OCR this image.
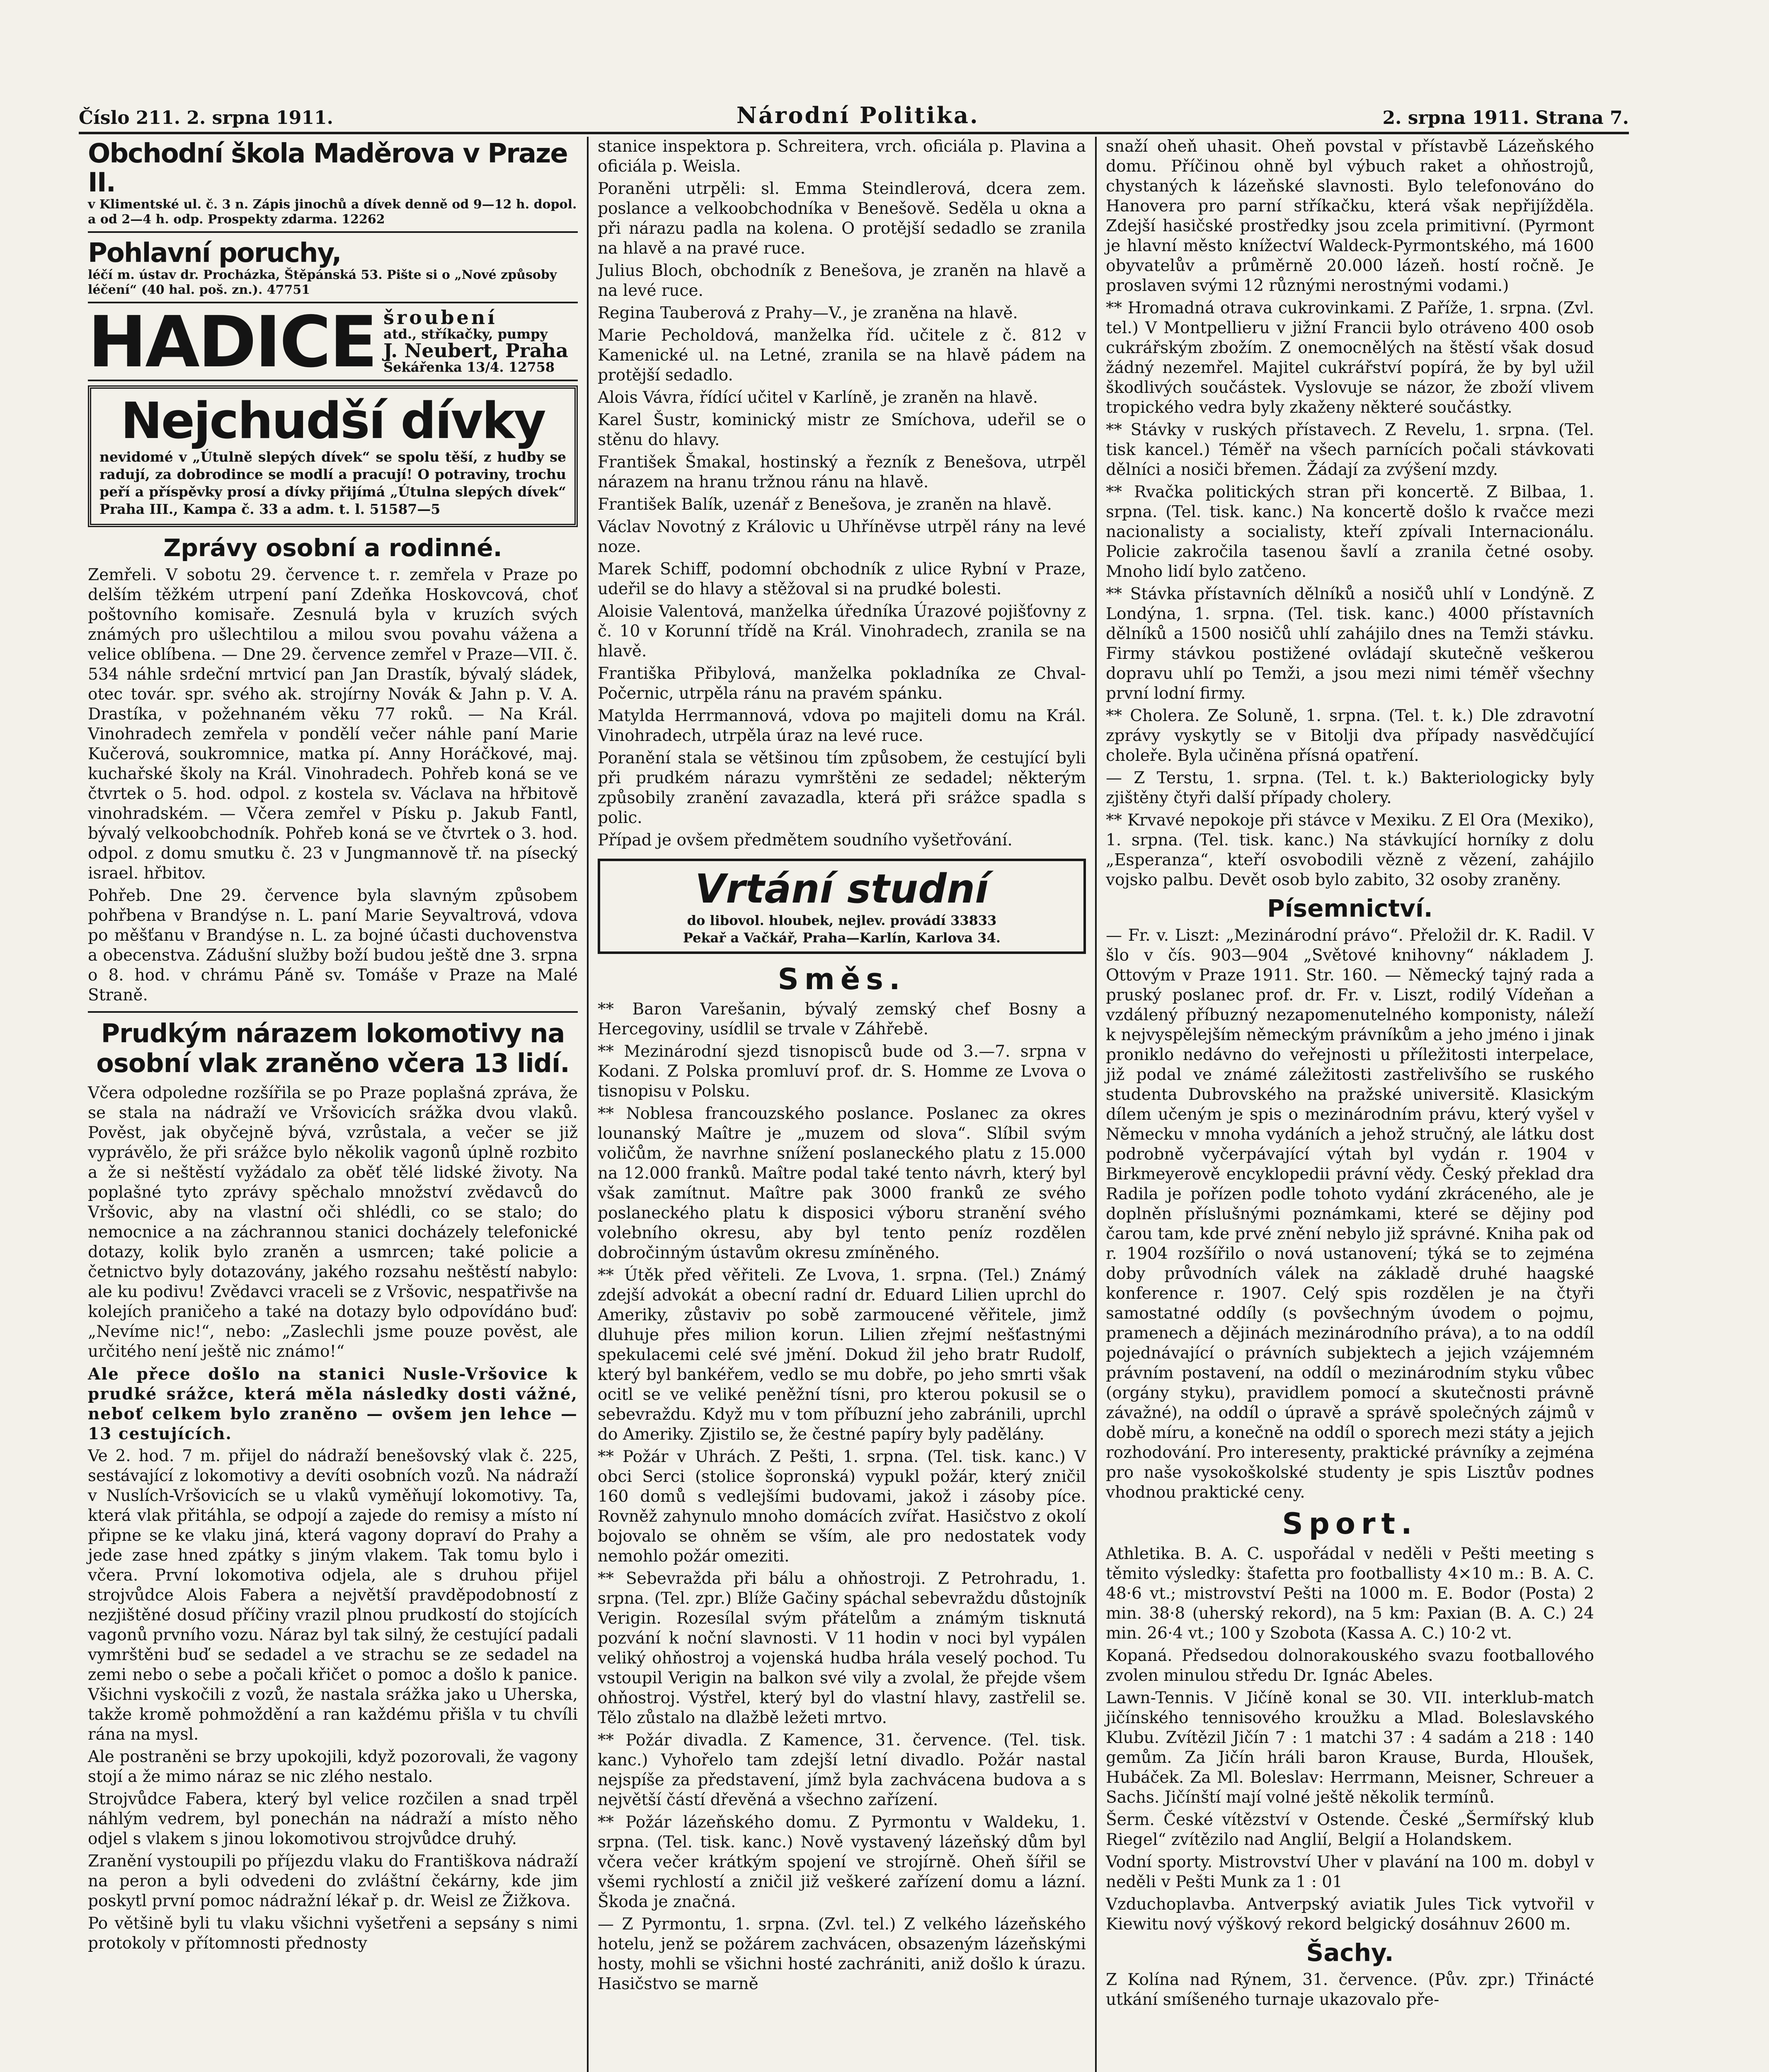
Číslo 211. 2. srpna 1911.	Národní Politika.	2. srpna 1911. Strana 7.
Obchodní škola Maděrova v Praze II.
v Klimentské ul. č. 3 n. Zápis jinochů a dívek denně od 9—12 h. dopol. a od 2—4 h. odp. Prospekty zdarma. 12262
Pohlavní poruchy,
léčí m. ústav dr. Procházka, Štěpánská 53. Pište si o „Nové způsoby léčení“ (40 hal. poš. zn.). 47751
HADICE šroubení
atd., stříkačky, pumpy
J. Neubert, Praha
Šekářenka 13/4. 12758
Nejchudší dívky
nevidomé v „Útulně slepých dívek“ se spolu těší, z hudby se radují, za dobrodince se modlí a pracují! O potraviny, trochu peří a příspěvky prosí a dívky přijímá „Útulna slepých dívek“ Praha III., Kampa č. 33 a adm. t. l. 51587—5
Zprávy osobní a rodinné.

Zemřeli. V sobotu 29. července t. r. zemřela v Praze po delším těžkém utrpení paní Zdeňka Hoskovcová, choť poštovního komisaře. Zesnulá byla v kruzích svých známých pro ušlechtilou a milou svou povahu vážena a velice oblíbena. — Dne 29. července zemřel v Praze—VII. č. 534 náhle srdeční mrtvicí pan Jan Drastík, bývalý sládek, otec továr. spr. svého ak. strojírny Novák & Jahn p. V. A. Drastíka, v požehnaném věku 77 roků. — Na Král. Vinohradech zemřela v pondělí večer náhle paní Marie Kučerová, soukromnice, matka pí. Anny Horáčkové, maj. kuchařské školy na Král. Vinohradech. Pohřeb koná se ve čtvrtek o 5. hod. odpol. z kostela sv. Václava na hřbitově vinohradském. — Včera zemřel v Písku p. Jakub Fantl, bývalý velkoobchodník. Pohřeb koná se ve čtvrtek o 3. hod. odpol. z domu smutku č. 23 v Jungmannově tř. na písecký israel. hřbitov.

Pohřeb. Dne 29. července byla slavným způsobem pohřbena v Brandýse n. L. paní Marie Seyvaltrová, vdova po měšťanu v Brandýse n. L. za bojné účasti duchovenstva a obecenstva. Zádušní služby boží budou ještě dne 3. srpna o 8. hod. v chrámu Páně sv. Tomáše v Praze na Malé Straně.

Prudkým nárazem lokomotivy na osobní vlak zraněno včera 13 lidí.

Včera odpoledne rozšířila se po Praze poplašná zpráva, že se stala na nádraží ve Vršovicích srážka dvou vlaků. Pověst, jak obyčejně bývá, vzrůstala, a večer se již vyprávělo, že při srážce bylo několik vagonů úplně rozbito a že si neštěstí vyžádalo za oběť tělé lidské životy. Na poplašné tyto zprávy spěchalo množství zvědavců do Vršovic, aby na vlastní oči shlédli, co se stalo; do nemocnice a na záchrannou stanici docházely telefonické dotazy, kolik bylo zraněn a usmrcen; také policie a četnictvo byly dotazovány, jakého rozsahu neštěstí nabylo: ale ku podivu! Zvědavci vraceli se z Vršovic, nespatřivše na kolejích praničeho a také na dotazy bylo odpovídáno buď: „Nevíme nic!“, nebo: „Zaslechli jsme pouze pověst, ale určitého není ještě nic známo!“

Ale přece došlo na stanici Nusle-Vršovice k prudké srážce, která měla následky dosti vážné, neboť celkem bylo zraněno — ovšem jen lehce — 13 cestujících.

Ve 2. hod. 7 m. přijel do nádraží benešovský vlak č. 225, sestávající z lokomotivy a devíti osobních vozů. Na nádraží v Nuslích-Vršovicích se u vlaků vyměňují lokomotivy. Ta, která vlak přitáhla, se odpojí a zajede do remisy a místo ní připne se ke vlaku jiná, která vagony dopraví do Prahy a jede zase hned zpátky s jiným vlakem. Tak tomu bylo i včera. První lokomotiva odjela, ale s druhou přijel strojvůdce Alois Fabera a největší pravděpodobností z nezjištěné dosud příčiny vrazil plnou prudkostí do stojících vagonů prvního vozu. Náraz byl tak silný, že cestující padali vymrštěni buď se sedadel a ve strachu se ze sedadel na zemi nebo o sebe a počali křičet o pomoc a došlo k panice. Všichni vyskočili z vozů, že nastala srážka jako u Uherska, takže kromě pohmoždění a ran každému přišla v tu chvíli rána na mysl.

Ale postraněni se brzy upokojili, když pozorovali, že vagony stojí a že mimo náraz se nic zlého nestalo.

Strojvůdce Fabera, který byl velice rozčilen a snad trpěl náhlým vedrem, byl ponechán na nádraží a místo něho odjel s vlakem s jinou lokomotivou strojvůdce druhý.

Zranění vystoupili po příjezdu vlaku do Františkova nádraží na peron a byli odvedeni do zvláštní čekárny, kde jim poskytl první pomoc nádražní lékař p. dr. Weisl ze Žižkova.

Po většině byli tu vlaku všichni vyšetřeni a sepsány s nimi protokoly v přítomnosti přednosty

stanice inspektora p. Schreitera, vrch. oficiála p. Plavina a oficiála p. Weisla.

Poraněni utrpěli: sl. Emma Steindlerová, dcera zem. poslance a velkoobchodníka v Benešově. Seděla u okna a při nárazu padla na kolena. O protější sedadlo se zranila na hlavě a na pravé ruce.

Julius Bloch, obchodník z Benešova, je zraněn na hlavě a na levé ruce.

Regina Tauberová z Prahy—V., je zraněna na hlavě.

Marie Pecholdová, manželka říd. učitele z č. 812 v Kamenické ul. na Letné, zranila se na hlavě pádem na protější sedadlo.

Alois Vávra, řídící učitel v Karlíně, je zraněn na hlavě.

Karel Šustr, kominický mistr ze Smíchova, udeřil se o stěnu do hlavy.

František Šmakal, hostinský a řezník z Benešova, utrpěl nárazem na hranu tržnou ránu na hlavě.

František Balík, uzenář z Benešova, je zraněn na hlavě.

Václav Novotný z Královic u Uhříněvse utrpěl rány na levé noze.

Marek Schiff, podomní obchodník z ulice Rybní v Praze, udeřil se do hlavy a stěžoval si na prudké bolesti.

Aloisie Valentová, manželka úředníka Úrazové pojišťovny z č. 10 v Korunní třídě na Král. Vinohradech, zranila se na hlavě.

Františka Přibylová, manželka pokladníka ze Chval-Počernic, utrpěla ránu na pravém spánku.

Matylda Herrmannová, vdova po majiteli domu na Král. Vinohradech, utrpěla úraz na levé ruce.

Poranění stala se většinou tím způsobem, že cestující byli při prudkém nárazu vymrštěni ze sedadel; některým způsobily zranění zavazadla, která při srážce spadla s polic.

Případ je ovšem předmětem soudního vyšetřování.

Vrtání studní
do libovol. hloubek, nejlev. provádí 33833
Pekař a Vačkář, Praha—Karlín, Karlova 34.
Směs.

** Baron Varešanin, bývalý zemský chef Bosny a Hercegoviny, usídlil se trvale v Záhřebě.

** Mezinárodní sjezd tisnopisců bude od 3.—7. srpna v Kodani. Z Polska promluví prof. dr. S. Homme ze Lvova o tisnopisu v Polsku.

** Noblesa francouzského poslance. Poslanec za okres lounanský Maître je „muzem od slova“. Slíbil svým voličům, že navrhne snížení poslaneckého platu z 15.000 na 12.000 franků. Maître podal také tento návrh, který byl však zamítnut. Maître pak 3000 franků ze svého poslaneckého platu k disposici výboru stranění svého volebního okresu, aby byl tento peníz rozdělen dobročinným ústavům okresu zmíněného.

** Útěk před věřiteli. Ze Lvova, 1. srpna. (Tel.) Známý zdejší advokát a obecní radní dr. Eduard Lilien uprchl do Ameriky, zůstaviv po sobě zarmoucené věřitele, jimž dluhuje přes milion korun. Lilien zřejmí nešťastnými spekulacemi celé své jmění. Dokud žil jeho bratr Rudolf, který byl bankéřem, vedlo se mu dobře, po jeho smrti však ocitl se ve veliké peněžní tísni, pro kterou pokusil se o sebevraždu. Když mu v tom příbuzní jeho zabránili, uprchl do Ameriky. Zjistilo se, že čestné papíry byly padělány.

** Požár v Uhrách. Z Pešti, 1. srpna. (Tel. tisk. kanc.) V obci Serci (stolice šopronská) vypukl požár, který zničil 160 domů s vedlejšími budovami, jakož i zásoby píce. Rovněž zahynulo mnoho domácích zvířat. Hasičstvo z okolí bojovalo se ohněm se vším, ale pro nedostatek vody nemohlo požár omeziti.

** Sebevražda při bálu a ohňostroji. Z Petrohradu, 1. srpna. (Tel. zpr.) Blíže Gačiny spáchal sebevraždu důstojník Verigin. Rozesílal svým přátelům a známým tisknutá pozvání k noční slavnosti. V 11 hodin v noci byl vypálen veliký ohňostroj a vojenská hudba hrála veselý pochod. Tu vstoupil Verigin na balkon své vily a zvolal, že přejde všem ohňostroj. Výstřel, který byl do vlastní hlavy, zastřelil se. Tělo zůstalo na dlažbě ležeti mrtvo.

** Požár divadla. Z Kamence, 31. července. (Tel. tisk. kanc.) Vyhořelo tam zdejší letní divadlo. Požár nastal nejspíše za představení, jímž byla zachvácena budova a s největší částí dřevěná a všechno zařízení.

** Požár lázeňského domu. Z Pyrmontu v Waldeku, 1. srpna. (Tel. tisk. kanc.) Nově vystavený lázeňský dům byl včera večer krátkým spojení ve strojírně. Oheň šířil se všemi rychlostí a zničil již veškeré zařízení domu a lázní. Škoda je značná.

— Z Pyrmontu, 1. srpna. (Zvl. tel.) Z velkého lázeňského hotelu, jenž se požárem zachvácen, obsazeným lázeňskými hosty, mohli se všichni hosté zachrániti, aniž došlo k úrazu. Hasičstvo se marně

snaží oheň uhasit. Oheň povstal v přístavbě Lázeňského domu. Příčinou ohně byl výbuch raket a ohňostrojů, chystaných k lázeňské slavnosti. Bylo telefonováno do Hanovera pro parní stříkačku, která však nepřijížděla. Zdejší hasičské prostředky jsou zcela primitivní. (Pyrmont je hlavní město knížectví Waldeck-Pyrmontského, má 1600 obyvatelův a průměrně 20.000 lázeň. hostí ročně. Je proslaven svými 12 různými nerostnými vodami.)

** Hromadná otrava cukrovinkami. Z Paříže, 1. srpna. (Zvl. tel.) V Montpellieru v jižní Francii bylo otráveno 400 osob cukrářským zbožím. Z onemocnělých na štěstí však dosud žádný nezemřel. Majitel cukrářství popírá, že by byl užil škodlivých součástek. Vyslovuje se názor, že zboží vlivem tropického vedra byly zkaženy některé součástky.

** Stávky v ruských přístavech. Z Revelu, 1. srpna. (Tel. tisk kancel.) Téměř na všech parnících počali stávkovati dělníci a nosiči břemen. Žádají za zvýšení mzdy.

** Rvačka politických stran při koncertě. Z Bilbaa, 1. srpna. (Tel. tisk. kanc.) Na koncertě došlo k rvačce mezi nacionalisty a socialisty, kteří zpívali Internacionálu. Policie zakročila tasenou šavlí a zranila četné osoby. Mnoho lidí bylo zatčeno.

** Stávka přístavních dělníků a nosičů uhlí v Londýně. Z Londýna, 1. srpna. (Tel. tisk. kanc.) 4000 přístavních dělníků a 1500 nosičů uhlí zahájilo dnes na Temži stávku. Firmy stávkou postižené ovládají skutečně veškerou dopravu uhlí po Temži, a jsou mezi nimi téměř všechny první lodní firmy.

** Cholera. Ze Soluně, 1. srpna. (Tel. t. k.) Dle zdravotní zprávy vyskytly se v Bitolji dva případy nasvědčující choleře. Byla učiněna přísná opatření.

— Z Terstu, 1. srpna. (Tel. t. k.) Bakteriologicky byly zjištěny čtyři další případy cholery.

** Krvavé nepokoje při stávce v Mexiku. Z El Ora (Mexiko), 1. srpna. (Tel. tisk. kanc.) Na stávkující horníky z dolu „Esperanza“, kteří osvobodili vězně z vězení, zahájilo vojsko palbu. Devět osob bylo zabito, 32 osoby zraněny.

Písemnictví.

— Fr. v. Liszt: „Mezinárodní právo“. Přeložil dr. K. Radil. V šlo v čís. 903—904 „Světové knihovny“ nákladem J. Ottovým v Praze 1911. Str. 160. — Německý tajný rada a pruský poslanec prof. dr. Fr. v. Liszt, rodilý Vídeňan a vzdálený příbuzný nezapomenutelného komponisty, náleží k nejvyspělejším německým právníkům a jeho jméno i jinak proniklo nedávno do veřejnosti u příležitosti interpelace, již podal ve známé záležitosti zastřelivšího se ruského studenta Dubrovského na pražské universitě. Klasickým dílem učeným je spis o mezinárodním právu, který vyšel v Německu v mnoha vydáních a jehož stručný, ale látku dost podrobně vyčerpávající výtah byl vydán r. 1904 v Birkmeyerově encyklopedii právní vědy. Český překlad dra Radila je pořízen podle tohoto vydání zkráceného, ale je doplněn příslušnými poznámkami, které se dějiny pod čarou tam, kde prvé znění nebylo již správné. Kniha pak od r. 1904 rozšířilo o nová ustanovení; týká se to zejména doby průvodních válek na základě druhé haagské konference r. 1907. Celý spis rozdělen je na čtyři samostatné oddíly (s povšechným úvodem o pojmu, pramenech a dějinách mezinárodního práva), a to na oddíl pojednávající o právních subjektech a jejich vzájemném právním postavení, na oddíl o mezinárodním styku vůbec (orgány styku), pravidlem pomocí a skutečnosti právně závažné), na oddíl o úpravě a správě společných zájmů v době míru, a konečně na oddíl o sporech mezi státy a jejich rozhodování. Pro interesenty, praktické právníky a zejména pro naše vysokoškolské studenty je spis Lisztův podnes vhodnou praktické ceny.

Sport.

Athletika. B. A. C. uspořádal v neděli v Pešti meeting s těmito výsledky: štafetta pro footballisty 4×10 m.: B. A. C. 48·6 vt.; mistrovství Pešti na 1000 m. E. Bodor (Posta) 2 min. 38·8 (uherský rekord), na 5 km: Paxian (B. A. C.) 24 min. 26·4 vt.; 100 y Szobota (Kassa A. C.) 10·2 vt.

Kopaná. Předsedou dolnorakouského svazu footballového zvolen minulou středu Dr. Ignác Abeles.

Lawn-Tennis. V Jičíně konal se 30. VII. interklub-match jičínského tennisového kroužku a Mlad. Boleslavského Klubu. Zvítězil Jičín 7 : 1 matchi 37 : 4 sadám a 218 : 140 gemům. Za Jičín hráli baron Krause, Burda, Hloušek, Hubáček. Za Ml. Boleslav: Herrmann, Meisner, Schreuer a Sachs. Jičínští mají volné ještě několik termínů.

Šerm. České vítězství v Ostende. České „Šermířský klub Riegel“ zvítězilo nad Anglií, Belgií a Holandskem.

Vodní sporty. Mistrovství Uher v plavání na 100 m. dobyl v neděli v Pešti Munk za 1 : 01

Vzduchoplavba. Antverpský aviatik Jules Tick vytvořil v Kiewitu nový výškový rekord belgický dosáhnuv 2600 m.

Šachy.

Z Kolína nad Rýnem, 31. července. (Pův. zpr.) Třinácté utkání smíšeného turnaje ukazovalo pře-
